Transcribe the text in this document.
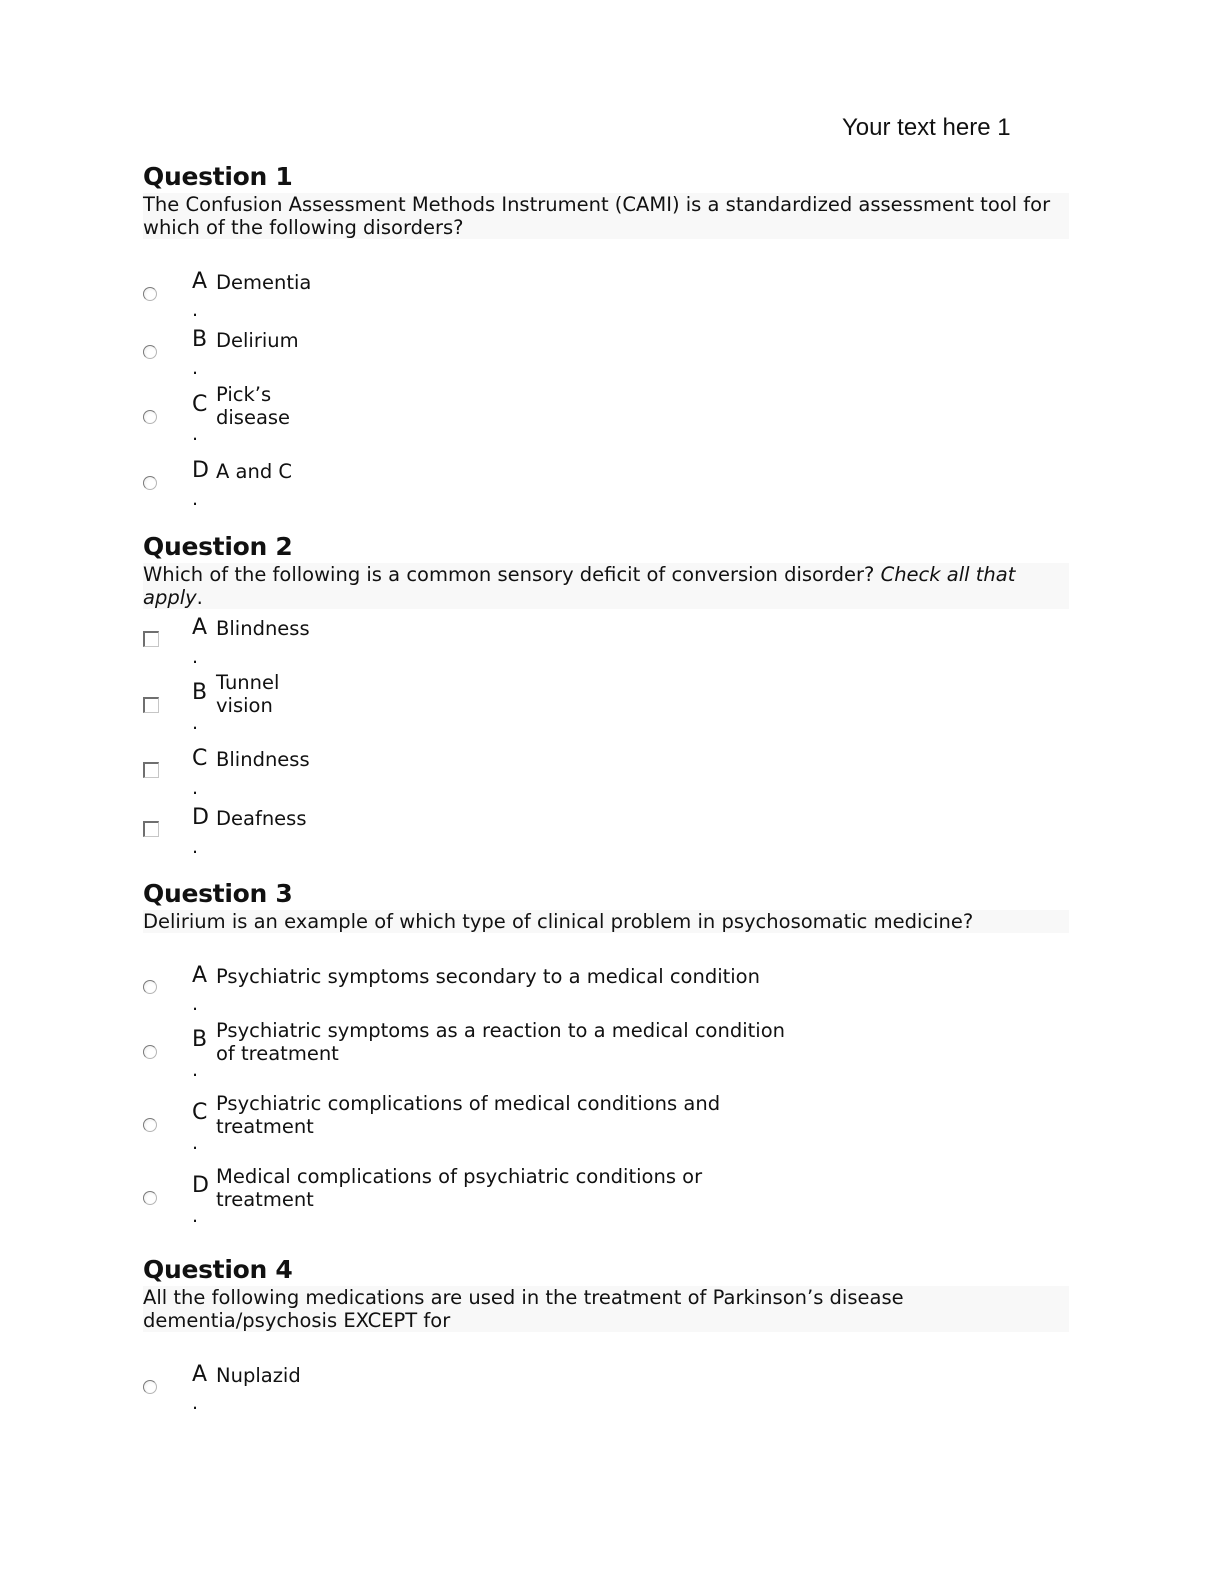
Your text here 1
Question 1
The Confusion Assessment Methods Instrument (CAMI) is a standardized assessment tool for which of the following disorders?
A Dementia
.
B Delirium
.
C Pick’s
disease
.
D A and C
.
Question 2
Which of the following is a common sensory deficit of conversion disorder? Check all that apply.
A Blindness
.
B Tunnel
vision
.
C Blindness
.
D Deafness
.
Question 3
Delirium is an example of which type of clinical problem in psychosomatic medicine?
A Psychiatric symptoms secondary to a medical condition
.
B Psychiatric symptoms as a reaction to a medical condition
of treatment
.
C Psychiatric complications of medical conditions and
treatment
.
D Medical complications of psychiatric conditions or
treatment
.
Question 4
All the following medications are used in the treatment of Parkinson’s disease dementia/psychosis EXCEPT for
A Nuplazid
.
